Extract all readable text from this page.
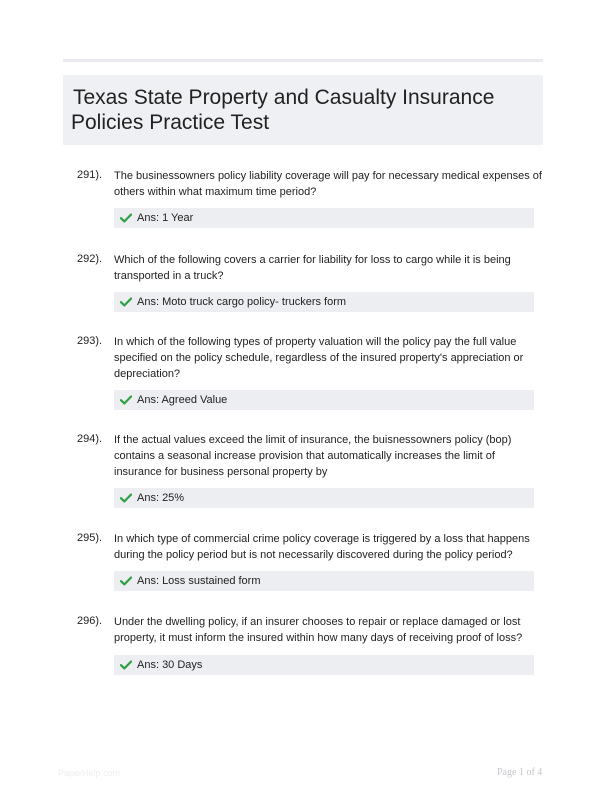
Texas State Property and Casualty Insurance
Policies Practice Test
291). The businessowners policy liability coverage will pay for necessary medical expenses of others within what maximum time period?
Ans: 1 Year
292). Which of the following covers a carrier for liability for loss to cargo while it is being transported in a truck?
Ans: Moto truck cargo policy- truckers form
293). In which of the following types of property valuation will the policy pay the full value specified on the policy schedule, regardless of the insured property's appreciation or depreciation?
Ans: Agreed Value
294). If the actual values exceed the limit of insurance, the buisnessowners policy (bop) contains a seasonal increase provision that automatically increases the limit of insurance for business personal property by
Ans: 25%
295). In which type of commercial crime policy coverage is triggered by a loss that happens during the policy period but is not necessarily discovered during the policy period?
Ans: Loss sustained form
296). Under the dwelling policy, if an insurer chooses to repair or replace damaged or lost property, it must inform the insured within how many days of receiving proof of loss?
Ans: 30 Days
PaperHelp.com	Page 1 of 4
